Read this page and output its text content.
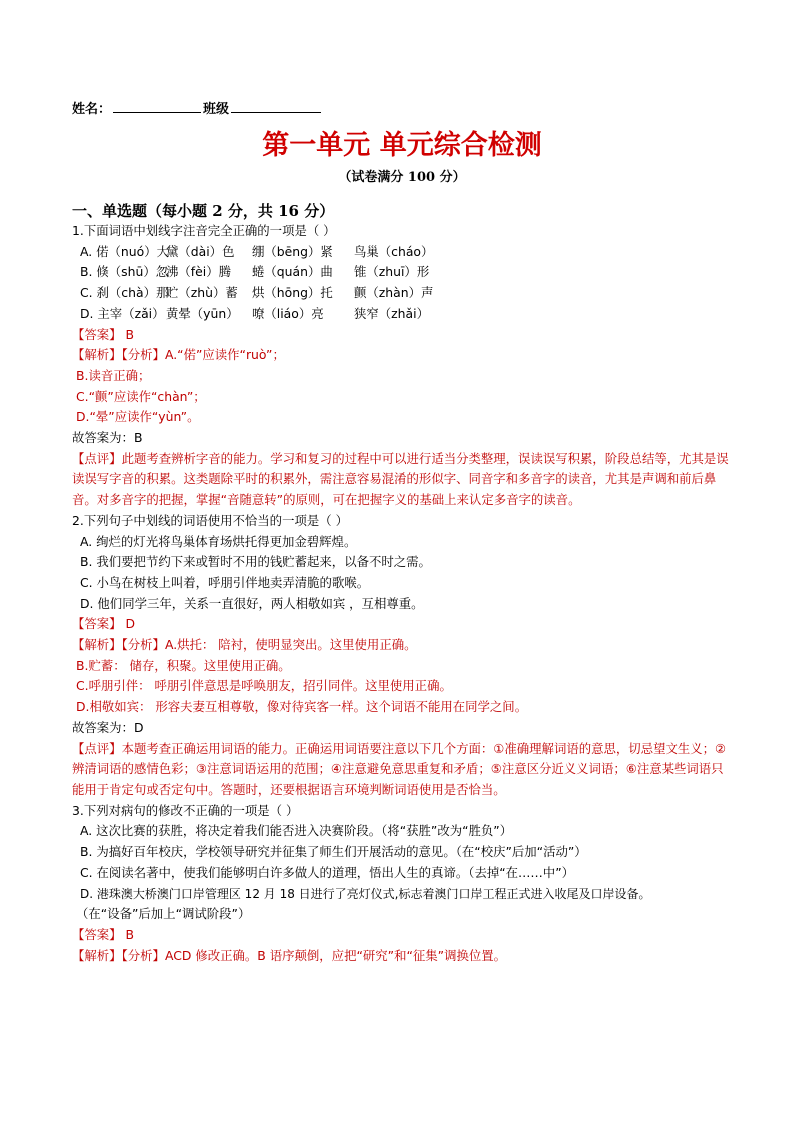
姓名：	班级
第一单元 单元综合检测
（试卷满分 100 分）
一、单选题（每小题 2 分，共 16 分）
1.下面词语中划线字注音完全正确的一项是（ ）
A. 偌（nuó）大黛（dài）色 绷（bēng）紧 鸟巢（cháo）
B. 倏（shū）忽沸（fèi）腾 蜷（quán）曲 锥（zhuī）形
C. 刹（chà）那贮（zhù）蓄 烘（hōng）托 颤（zhàn）声
D. 主宰（zǎi）黄晕（yūn） 嘹（liáo）亮 狭窄（zhǎi）
【答案】 B
【解析】【分析】A.“偌”应读作“ruò”；
B.读音正确；
C.“颤”应读作“chàn”；
D.“晕”应读作“yùn”。
故答案为：B
【点评】此题考查辨析字音的能力。学习和复习的过程中可以进行适当分类整理，误读误写积累，阶段总结等，尤其是误读误写字音的积累。这类题除平时的积累外，需注意容易混淆的形似字、同音字和多音字的读音，尤其是声调和前后鼻音。对多音字的把握，掌握“音随意转”的原则，可在把握字义的基础上来认定多音字的读音。
2.下列句子中划线的词语使用不恰当的一项是（ ）
A. 绚烂的灯光将鸟巢体育场烘托得更加金碧辉煌。
B. 我们要把节约下来或暂时不用的钱贮蓄起来，以备不时之需。
C. 小鸟在树枝上叫着，呼朋引伴地卖弄清脆的歌喉。
D. 他们同学三年，关系一直很好，两人相敬如宾 ，互相尊重。
【答案】 D
【解析】【分析】A.烘托： 陪衬，使明显突出。这里使用正确。
B.贮蓄： 储存，积聚。这里使用正确。
C.呼朋引伴： 呼朋引伴意思是呼唤朋友，招引同伴。这里使用正确。
D.相敬如宾： 形容夫妻互相尊敬，像对待宾客一样。这个词语不能用在同学之间。
故答案为：D
【点评】本题考查正确运用词语的能力。正确运用词语要注意以下几个方面：①准确理解词语的意思，切忌望文生义；②辨清词语的感情色彩；③注意词语运用的范围；④注意避免意思重复和矛盾；⑤注意区分近义义词语；⑥注意某些词语只能用于肯定句或否定句中。答题时，还要根据语言环境判断词语使用是否恰当。
3.下列对病句的修改不正确的一项是（ ）
A. 这次比赛的获胜，将决定着我们能否进入决赛阶段。（将“获胜”改为“胜负”）
B. 为搞好百年校庆，学校领导研究并征集了师生们开展活动的意见。（在“校庆”后加“活动”）
C. 在阅读名著中，使我们能够明白许多做人的道理，悟出人生的真谛。（去掉“在……中”）
D. 港珠澳大桥澳门口岸管理区 12 月 18 日进行了亮灯仪式,标志着澳门口岸工程正式进入收尾及口岸设备。
（在“设备”后加上“调试阶段”）
【答案】 B
【解析】【分析】ACD 修改正确。B 语序颠倒，应把“研究”和“征集”调换位置。
